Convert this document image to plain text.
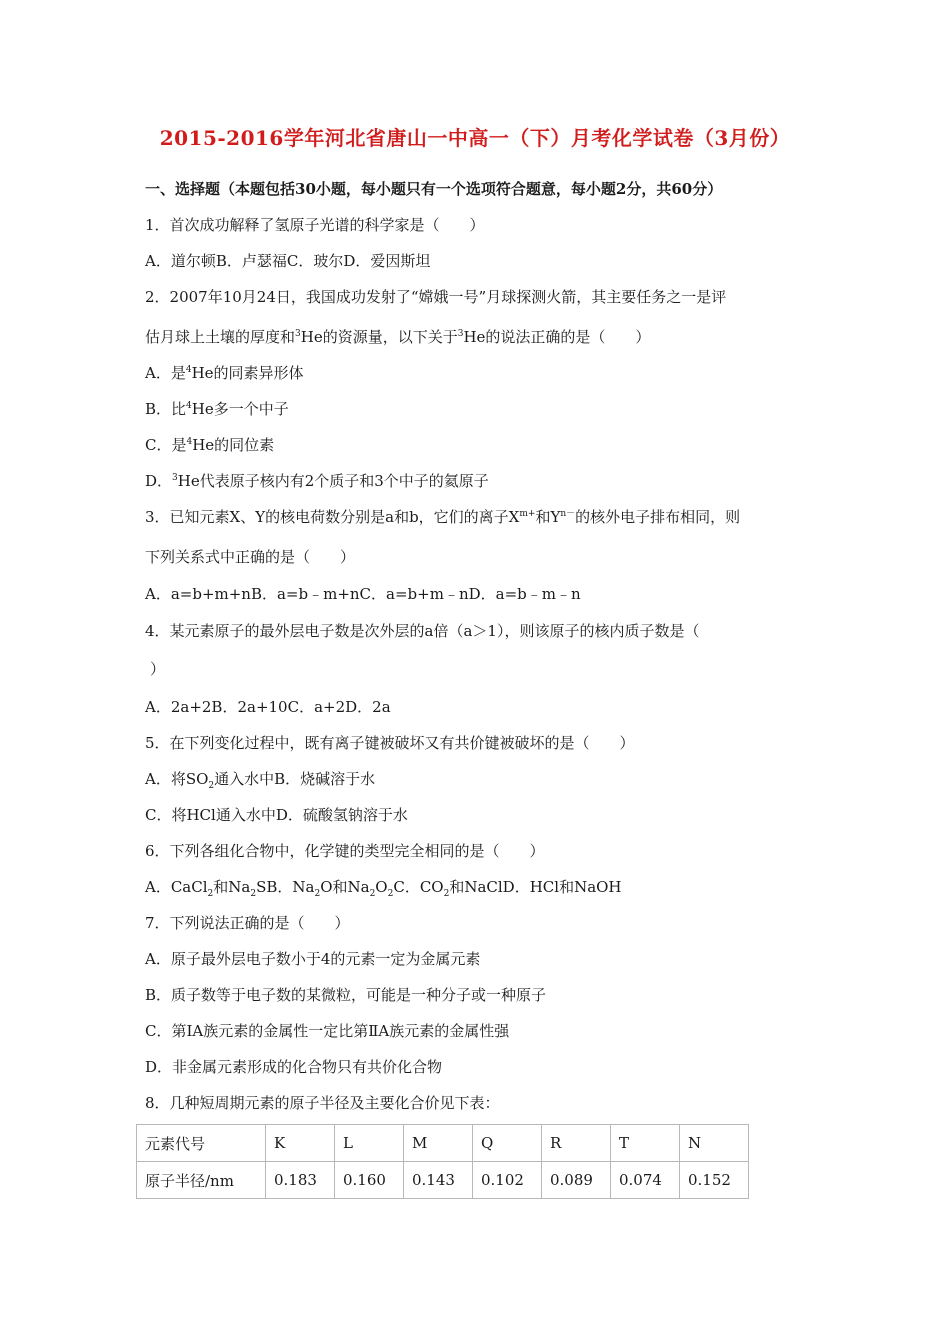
2015-2016学年河北省唐山一中高一（下）月考化学试卷（3月份）
一、选择题（本题包括30小题，每小题只有一个选项符合题意，每小题2分，共60分）
1．首次成功解释了氢原子光谱的科学家是（　　）
A．道尔顿B．卢瑟福C．玻尔D．爱因斯坦
2．2007年10月24日，我国成功发射了“嫦娥一号”月球探测火箭，其主要任务之一是评
估月球上土壤的厚度和$^3$He的资源量，以下关于$^3$He的说法正确的是（　　）
A．是$^4$He的同素异形体
B．比$^4$He多一个中子
C．是$^4$He的同位素
D．$^3$He代表原子核内有2个质子和3个中子的氦原子
3．已知元素X、Y的核电荷数分别是a和b，它们的离子$X^{m+}$和$Y^{n-}$的核外电子排布相同，则
下列关系式中正确的是（　　）
A．a=b+m+nB．a=b﹣m+nC．a=b+m﹣nD．a=b﹣m﹣n
4．某元素原子的最外层电子数是次外层的a倍（a＞1），则该原子的核内质子数是（
）
A．2a+2B．2a+10C．a+2D．2a
5．在下列变化过程中，既有离子键被破坏又有共价键被破坏的是（　　）
A．将$SO_2$通入水中B．烧碱溶于水
C．将HCl通入水中D．硫酸氢钠溶于水
6．下列各组化合物中，化学键的类型完全相同的是（　　）
A．CaCl$_2$和$Na_2SB$．$Na_2O$和$Na_2O_2C$．$CO_2$和NaClD．HCl和NaOH
7．下列说法正确的是（　　）
A．原子最外层电子数小于4的元素一定为金属元素
B．质子数等于电子数的某微粒，可能是一种分子或一种原子
C．第ⅠA族元素的金属性一定比第ⅡA族元素的金属性强
D．非金属元素形成的化合物只有共价化合物
8．几种短周期元素的原子半径及主要化合价见下表：
元素代号	K	L	M	Q	R	T	N
原子半径/nm	0.183	0.160	0.143	0.102	0.089	0.074	0.152
